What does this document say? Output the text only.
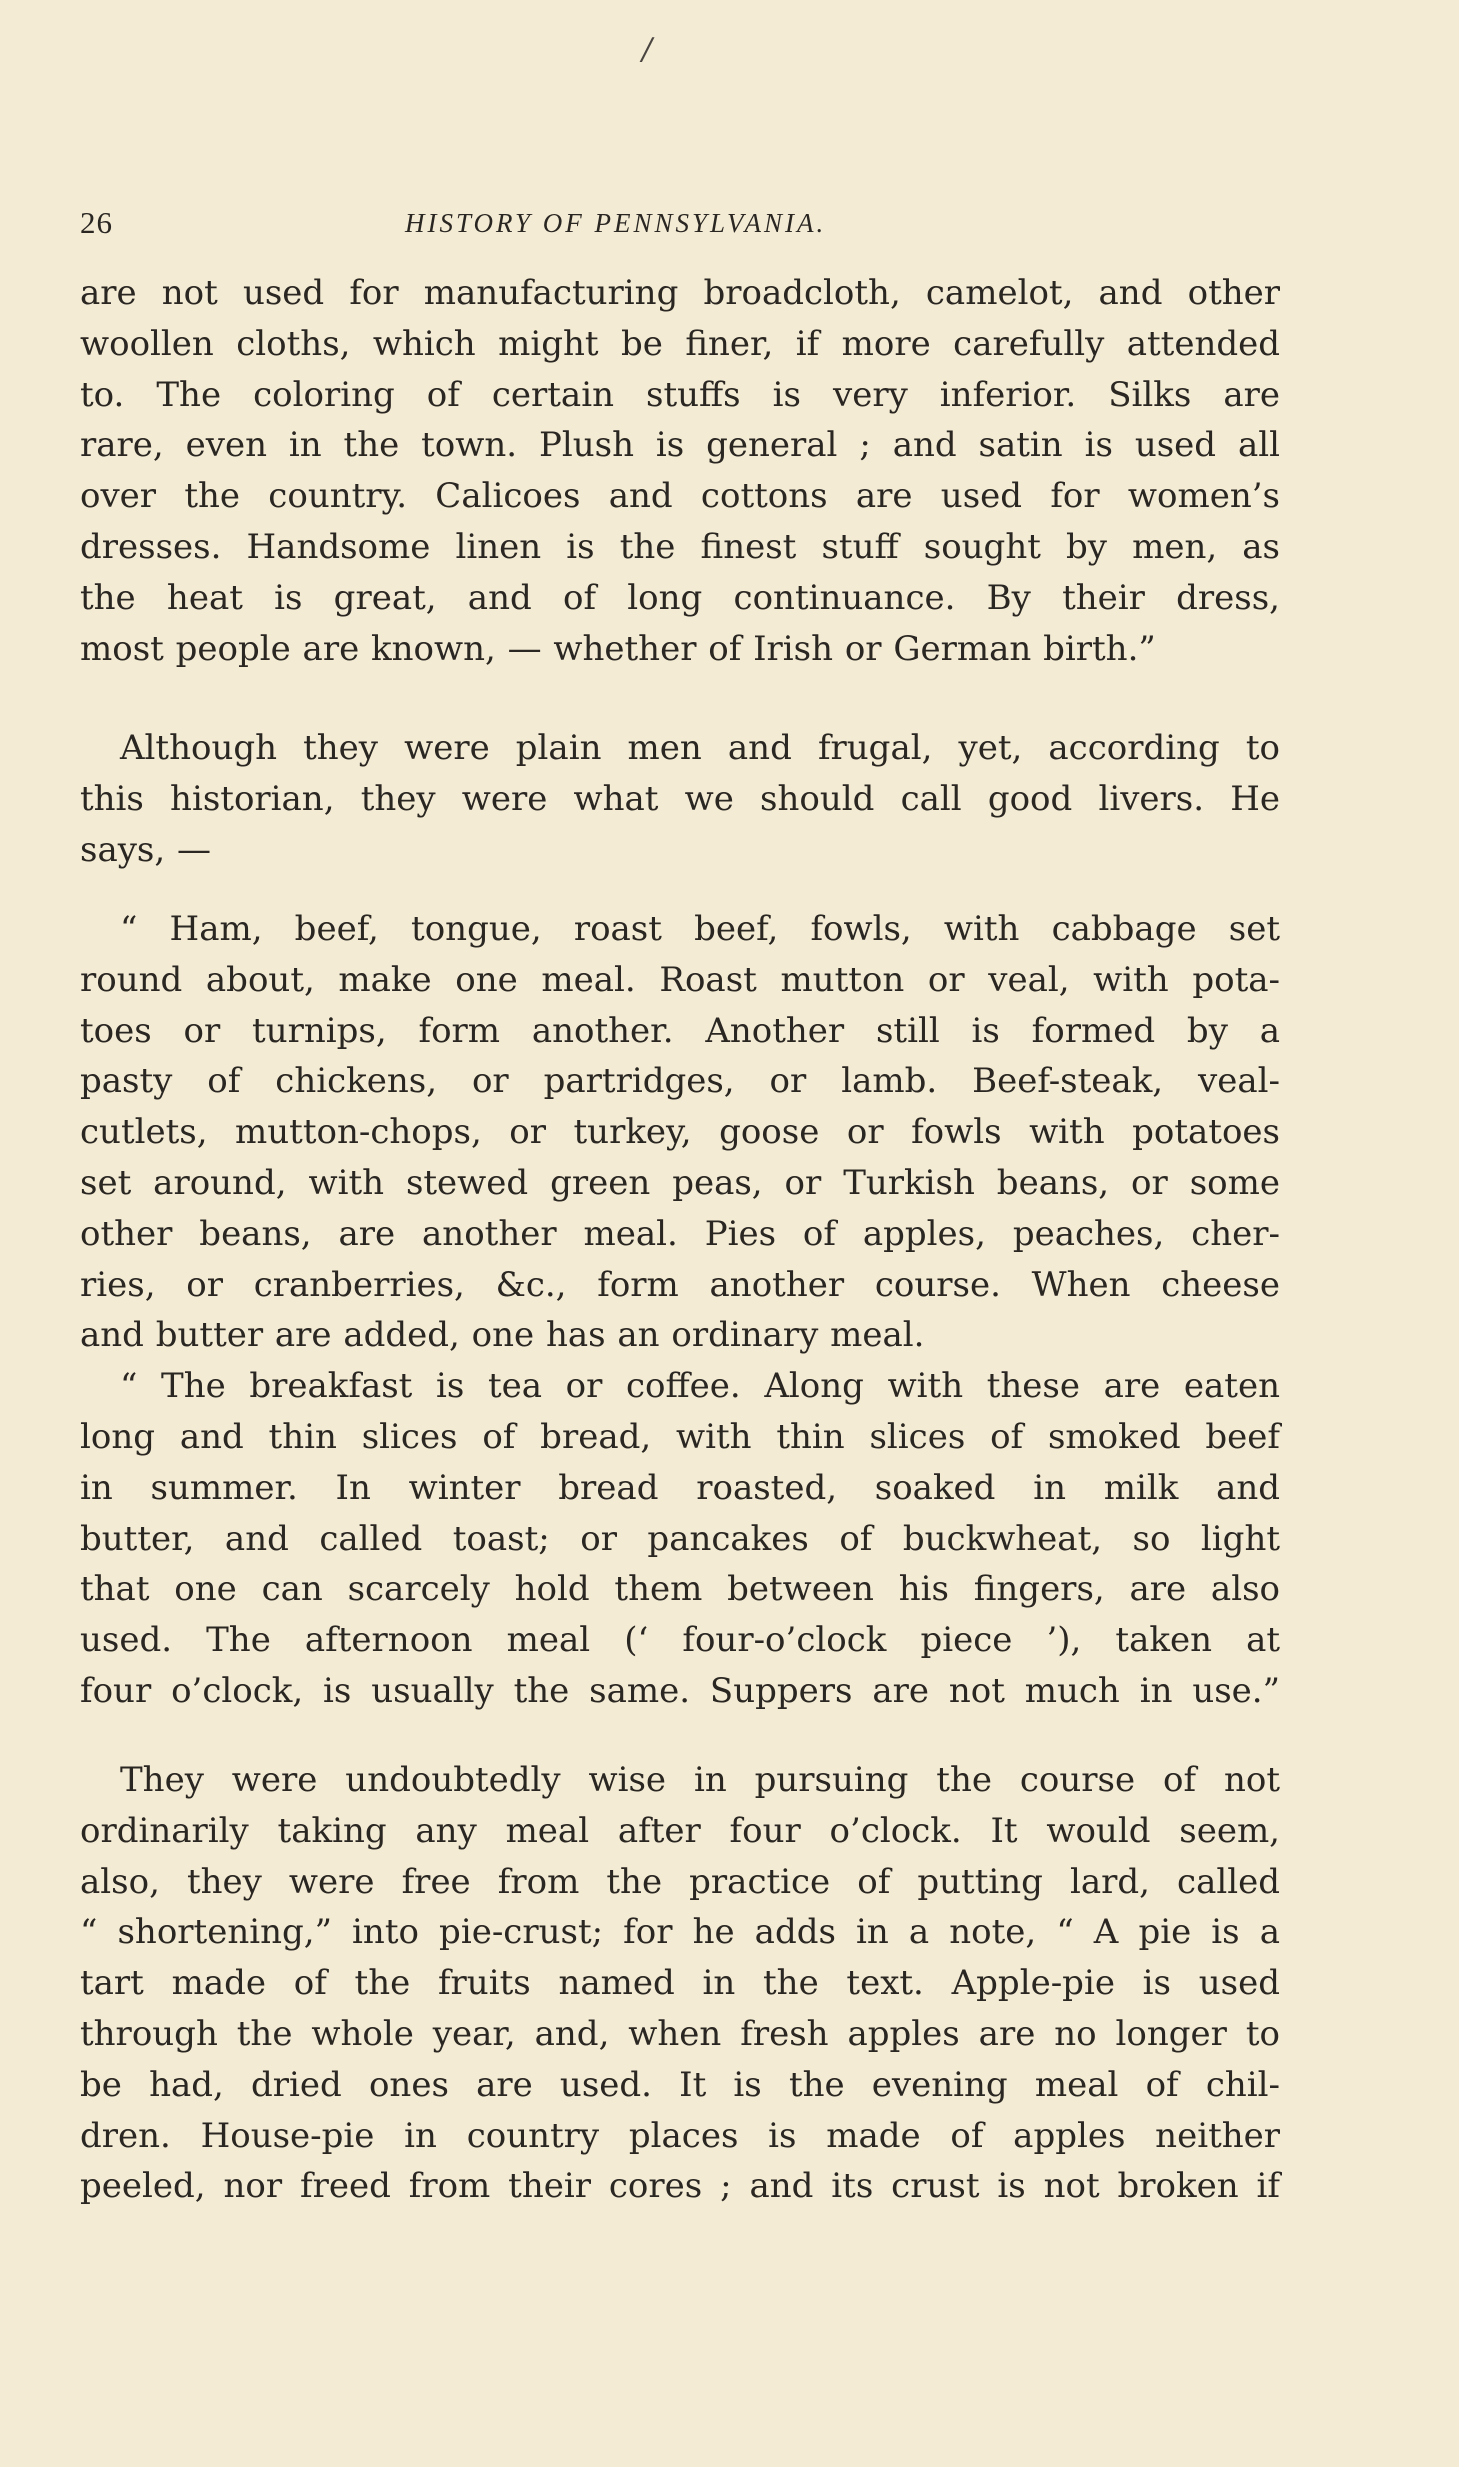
/
26	HISTORY OF PENNSYLVANIA.
are not used for manufacturing broadcloth, camelot, and other
woollen cloths, which might be finer, if more carefully attended
to. The coloring of certain stuffs is very inferior. Silks are
rare, even in the town. Plush is general ; and satin is used all
over the country. Calicoes and cottons are used for women’s
dresses. Handsome linen is the finest stuff sought by men, as
the heat is great, and of long continuance. By their dress,
most people are known, — whether of Irish or German birth.”
Although they were plain men and frugal, yet, according to
this historian, they were what we should call good livers. He
says, —
“ Ham, beef, tongue, roast beef, fowls, with cabbage set
round about, make one meal. Roast mutton or veal, with pota-
toes or turnips, form another. Another still is formed by a
pasty of chickens, or partridges, or lamb. Beef-steak, veal-
cutlets, mutton-chops, or turkey, goose or fowls with potatoes
set around, with stewed green peas, or Turkish beans, or some
other beans, are another meal. Pies of apples, peaches, cher-
ries, or cranberries, &c., form another course. When cheese
and butter are added, one has an ordinary meal.
“ The breakfast is tea or coffee. Along with these are eaten
long and thin slices of bread, with thin slices of smoked beef
in summer. In winter bread roasted, soaked in milk and
butter, and called toast; or pancakes of buckwheat, so light
that one can scarcely hold them between his fingers, are also
used. The afternoon meal (‘ four-o’clock piece ’), taken at
four o’clock, is usually the same. Suppers are not much in use.”
They were undoubtedly wise in pursuing the course of not
ordinarily taking any meal after four o’clock. It would seem,
also, they were free from the practice of putting lard, called
“ shortening,” into pie-crust; for he adds in a note, “ A pie is a
tart made of the fruits named in the text. Apple-pie is used
through the whole year, and, when fresh apples are no longer to
be had, dried ones are used. It is the evening meal of chil-
dren. House-pie in country places is made of apples neither
peeled, nor freed from their cores ; and its crust is not broken if
